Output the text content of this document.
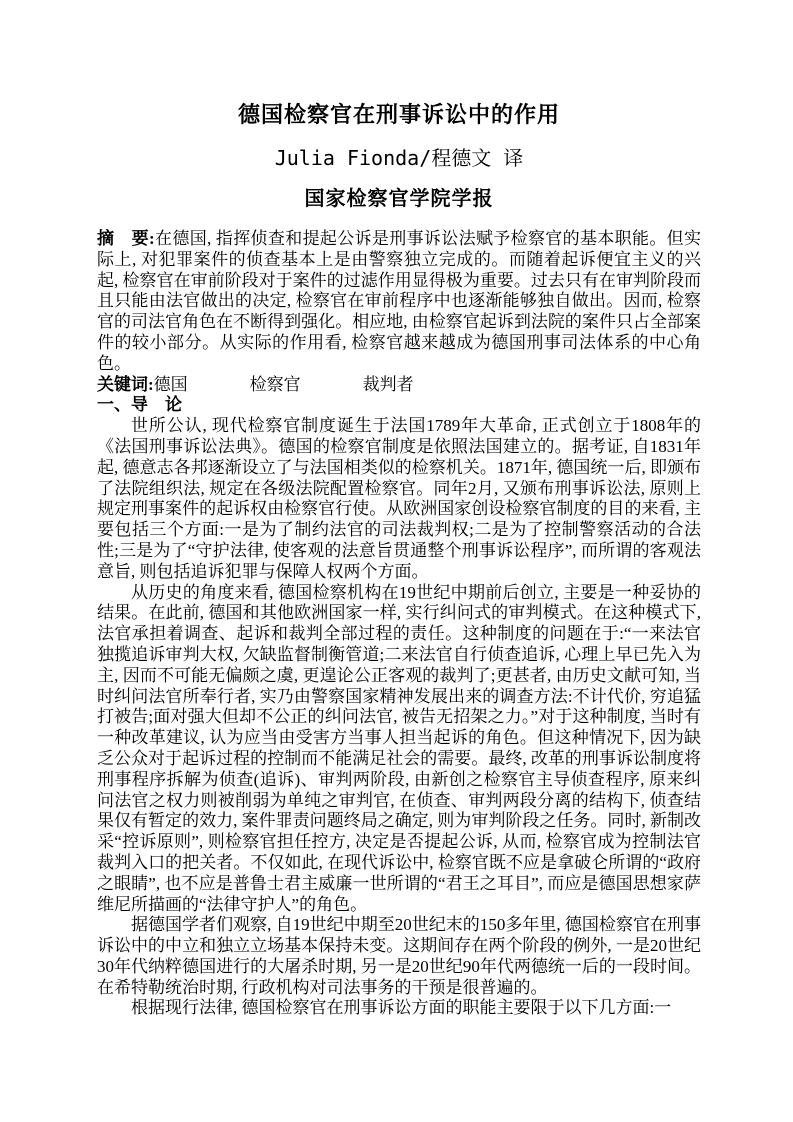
德国检察官在刑事诉讼中的作用
Julia Fionda/程德文 译
国家检察官学院学报

摘　要:在德国, 指挥侦查和提起公诉是刑事诉讼法赋予检察官的基本职能。但实际上, 对犯罪案件的侦查基本上是由警察独立完成的。而随着起诉便宜主义的兴起, 检察官在审前阶段对于案件的过滤作用显得极为重要。过去只有在审判阶段而且只能由法官做出的决定, 检察官在审前程序中也逐渐能够独自做出。因而, 检察官的司法官角色在不断得到强化。相应地, 由检察官起诉到法院的案件只占全部案件的较小部分。从实际的作用看, 检察官越来越成为德国刑事司法体系的中心角色。

关键词:德国	检察官	裁判者

一、导　论

世所公认, 现代检察官制度诞生于法国1789年大革命, 正式创立于1808年的《法国刑事诉讼法典》。德国的检察官制度是依照法国建立的。据考证, 自1831年起, 德意志各邦逐渐设立了与法国相类似的检察机关。1871年, 德国统一后, 即颁布了法院组织法, 规定在各级法院配置检察官。同年2月, 又颁布刑事诉讼法, 原则上规定刑事案件的起诉权由检察官行使。从欧洲国家创设检察官制度的目的来看, 主要包括三个方面:一是为了制约法官的司法裁判权;二是为了控制警察活动的合法性;三是为了“守护法律, 使客观的法意旨贯通整个刑事诉讼程序”, 而所谓的客观法意旨, 则包括追诉犯罪与保障人权两个方面。

从历史的角度来看, 德国检察机构在19世纪中期前后创立, 主要是一种妥协的结果。在此前, 德国和其他欧洲国家一样, 实行纠问式的审判模式。在这种模式下, 法官承担着调查、起诉和裁判全部过程的责任。这种制度的问题在于:“一来法官独揽追诉审判大权, 欠缺监督制衡管道;二来法官自行侦查追诉, 心理上早已先入为主, 因而不可能无偏颇之虞, 更遑论公正客观的裁判了;更甚者, 由历史文献可知, 当时纠问法官所奉行者, 实乃由警察国家精神发展出来的调查方法:不计代价, 穷追猛打被告;面对强大但却不公正的纠问法官, 被告无招架之力。”对于这种制度, 当时有一种改革建议, 认为应当由受害方当事人担当起诉的角色。但这种情况下, 因为缺乏公众对于起诉过程的控制而不能满足社会的需要。最终, 改革的刑事诉讼制度将刑事程序拆解为侦查(追诉)、审判两阶段, 由新创之检察官主导侦查程序, 原来纠问法官之权力则被削弱为单纯之审判官, 在侦查、审判两段分离的结构下, 侦查结果仅有暂定的效力, 案件罪责问题终局之确定, 则为审判阶段之任务。同时, 新制改采“控诉原则”, 则检察官担任控方, 决定是否提起公诉, 从而, 检察官成为控制法官裁判入口的把关者。不仅如此, 在现代诉讼中, 检察官既不应是拿破仑所谓的“政府之眼睛”, 也不应是普鲁士君主威廉一世所谓的“君王之耳目”, 而应是德国思想家萨维尼所描画的“法律守护人”的角色。

据德国学者们观察, 自19世纪中期至20世纪末的150多年里, 德国检察官在刑事诉讼中的中立和独立立场基本保持未变。这期间存在两个阶段的例外, 一是20世纪30年代纳粹德国进行的大屠杀时期, 另一是20世纪90年代两德统一后的一段时间。在希特勒统治时期, 行政机构对司法事务的干预是很普遍的。

根据现行法律, 德国检察官在刑事诉讼方面的职能主要限于以下几方面:一
